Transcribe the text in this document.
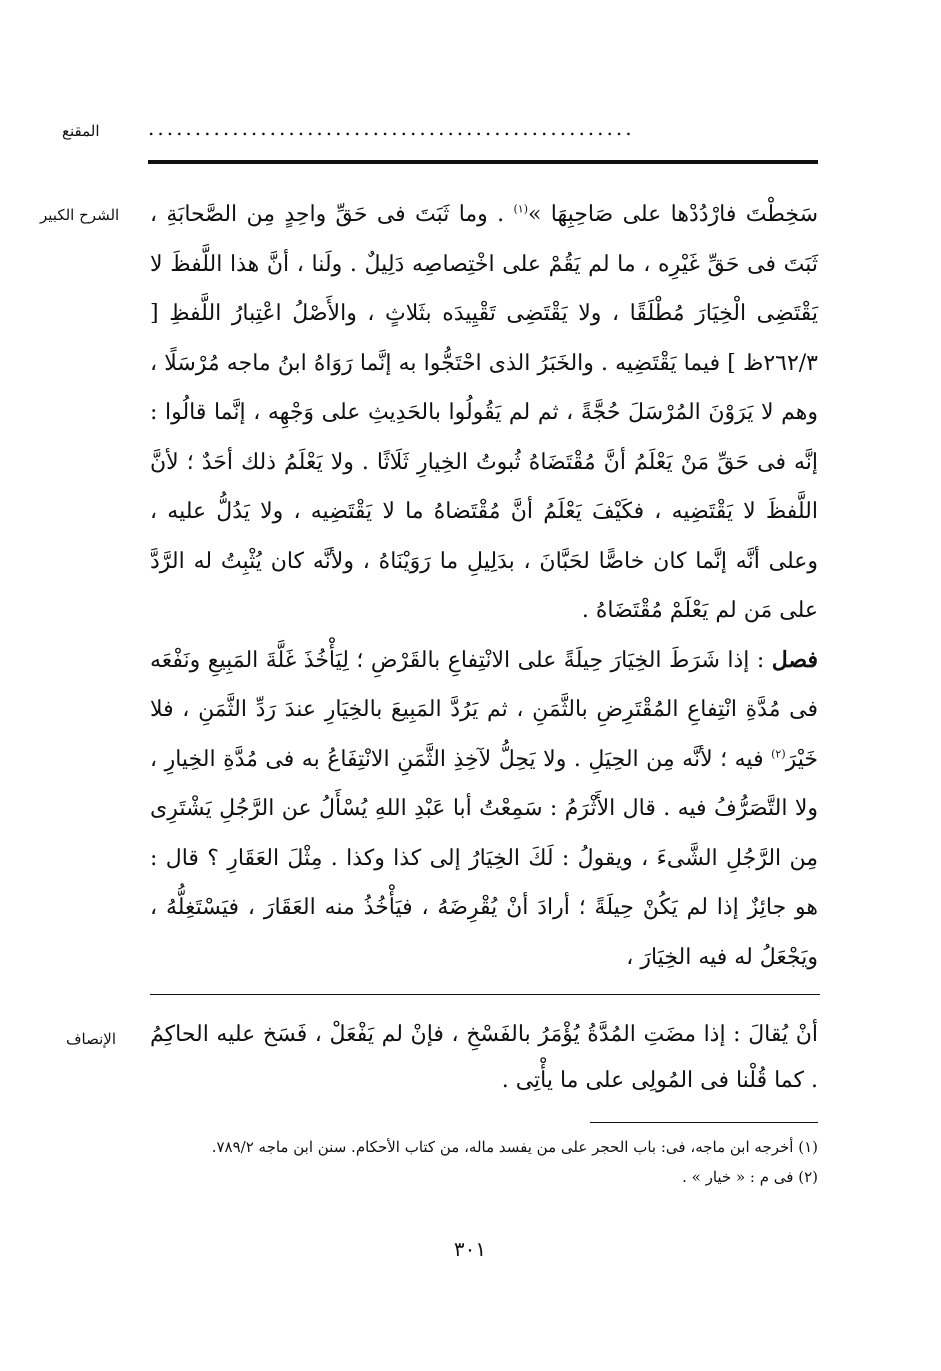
المقنع ....................................................
الشرح الكبير	سَخِطْتَ فارْدُدْها على صَاحِبِهَا »$^{(١)}$ . وما ثَبَتَ فى حَقِّ واحِدٍ مِن الصَّحابَةِ ، ثَبَتَ فى حَقِّ غَيْرِه ، ما لم يَقُمْ على اخْتِصاصِه دَلِيلٌ . ولَنا ، أنَّ هذا اللَّفظَ لا يَقْتَضِى الْخِيَارَ مُطْلَقًا ، ولا يَقْتَضِى تَقْيِيدَه بثَلاثٍ ، والأَصْلُ اعْتِبارُ اللَّفظِ [ ٢٦٢/٣ظ ] فيما يَقْتَضِيه . والخَبَرُ الذى احْتَجُّوا به إنَّما رَوَاهُ ابنُ ماجه مُرْسَلًا ، وهم لا يَرَوْنَ المُرْسَلَ حُجَّةً ، ثم لم يَقُولُوا بالحَدِيثِ على وَجْهِه ، إنَّما قالُوا : إنَّه فى حَقِّ مَنْ يَعْلَمُ أنَّ مُقْتَضَاهُ ثُبوتُ الخِيارِ ثَلَاثًا . ولا يَعْلَمُ ذلك أحَدٌ ؛ لأنَّ اللَّفظَ لا يَقْتَضِيه ، فكَيْفَ يَعْلَمُ أنَّ مُقْتَضاهُ ما لا يَقْتَضِيه ، ولا يَدُلُّ عليه ، وعلى أنَّه إنَّما كان خاصًّا لحَبَّانَ ، بدَلِيلِ ما رَوَيْنَاهُ ، ولأنَّه كان يُثْبِتُ له الرَّدَّ على مَن لم يَعْلَمْ مُقْتَضَاهُ .

فصل : إذا شَرَطَ الخِيَارَ حِيلَةً على الانْتِفاعِ بالقَرْضِ ؛ لِيَأْخُذَ غَلَّةَ المَبِيعِ ونَفْعَه فى مُدَّةِ انْتِفاعِ المُقْتَرِضِ بالثَّمَنِ ، ثم يَرُدَّ المَبِيعَ بالخِيَارِ عندَ رَدِّ الثَّمَنِ ، فلا خَيْرَ$^{(٢)}$ فيه ؛ لأنَّه مِن الحِيَلِ . ولا يَحِلُّ لآخِذِ الثَّمَنِ الانْتِفَاعُ به فى مُدَّةِ الخِيارِ ، ولا التَّصَرُّفُ فيه . قال الأَثْرَمُ : سَمِعْتُ أبا عَبْدِ اللهِ يُسْأَلُ عن الرَّجُلِ يَشْتَرِى مِن الرَّجُلِ الشَّىءَ ، ويقولُ : لَكَ الخِيَارُ إلى كذا وكذا . مِثْلَ العَقَارِ ؟ قال : هو جائِزٌ إذا لم يَكُنْ حِيلَةً ؛ أرادَ أنْ يُقْرِضَهُ ، فيَأْخُذُ منه العَقَارَ ، فيَسْتَغِلُّهُ ، ويَجْعَلُ له فيه الخِيَارَ ،

الإنصاف أنْ يُقالَ : إذا مضَتِ المُدَّةُ يُؤْمَرُ بالفَسْخِ ، فإنْ لم يَفْعَلْ ، فَسَخ عليه الحاكِمُ . كما قُلْنا فى المُولِى على ما يأْتِى .

(١) أخرجه ابن ماجه، فى: باب الحجر على من يفسد ماله، من كتاب الأحكام. سنن ابن ماجه ٧٨٩/٢.

(٢) فى م : « خيار » .

٣٠١
